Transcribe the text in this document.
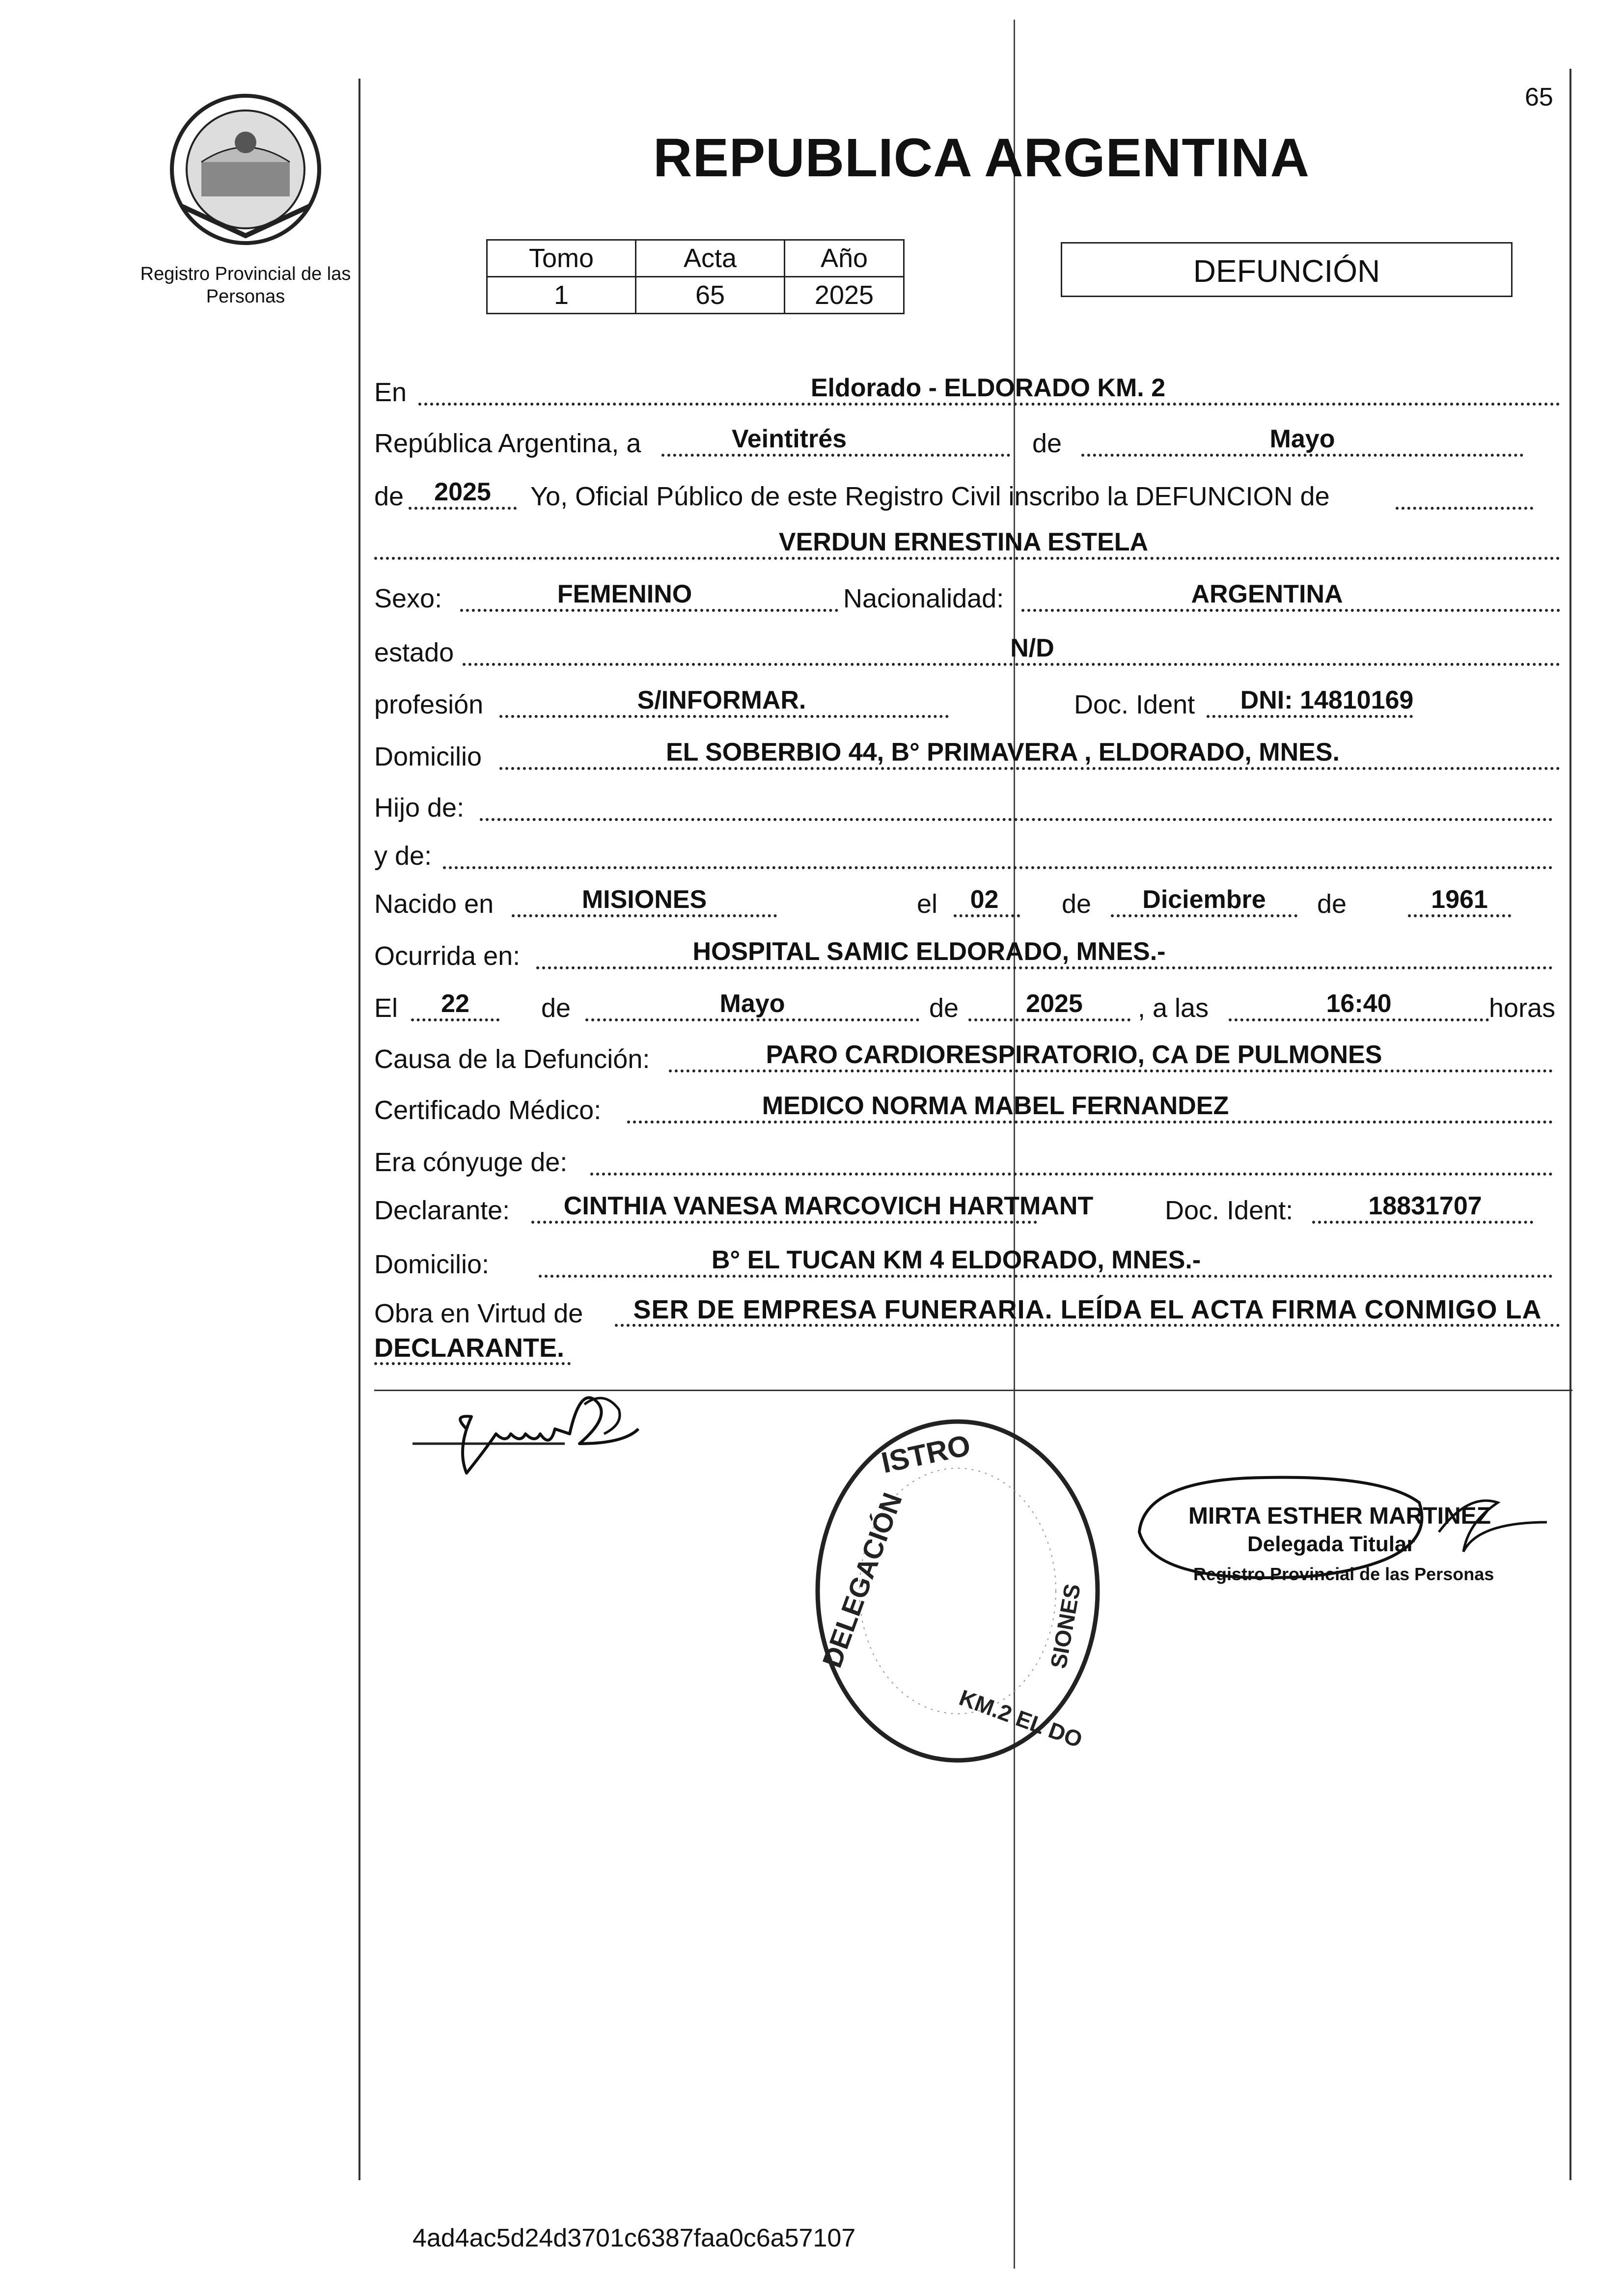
65
Registro Provincial de las Personas
REPUBLICA ARGENTINA
Tomo	Acta	Año
1	65	2025
DEFUNCIÓN
En	Eldorado - ELDORADO KM. 2
República Argentina, a	Veintitrés	de	Mayo
de	2025	Yo, Oficial Público de este Registro Civil inscribo la DEFUNCION de
VERDUN ERNESTINA ESTELA
Sexo:	FEMENINO	Nacionalidad:	ARGENTINA
estado	N/D
profesión	S/INFORMAR.	Doc. Ident	DNI: 14810169
Domicilio	EL SOBERBIO 44, B° PRIMAVERA , ELDORADO, MNES.
Hijo de:
y de:
Nacido en	MISIONES	el	02	de	Diciembre	de	1961
Ocurrida en:	HOSPITAL SAMIC ELDORADO, MNES.-
El	22	de	Mayo	de	2025	, a las	16:40	horas
Causa de la Defunción:	PARO CARDIORESPIRATORIO, CA DE PULMONES
Certificado Médico:	MEDICO NORMA MABEL FERNANDEZ
Era cónyuge de:
Declarante:	CINTHIA VANESA MARCOVICH HARTMANT	Doc. Ident:	18831707
Domicilio:	B° EL TUCAN KM 4 ELDORADO, MNES.-
Obra en Virtud de	SER DE EMPRESA FUNERARIA. LEÍDA EL ACTA FIRMA CONMIGO LA
DECLARANTE.
ISTRO
DELEGACIÓN
KM.2 EL DO
SIONES
MIRTA ESTHER MARTINEZ
Delegada Titular
Registro Provincial de las Personas
4ad4ac5d24d3701c6387faa0c6a57107
